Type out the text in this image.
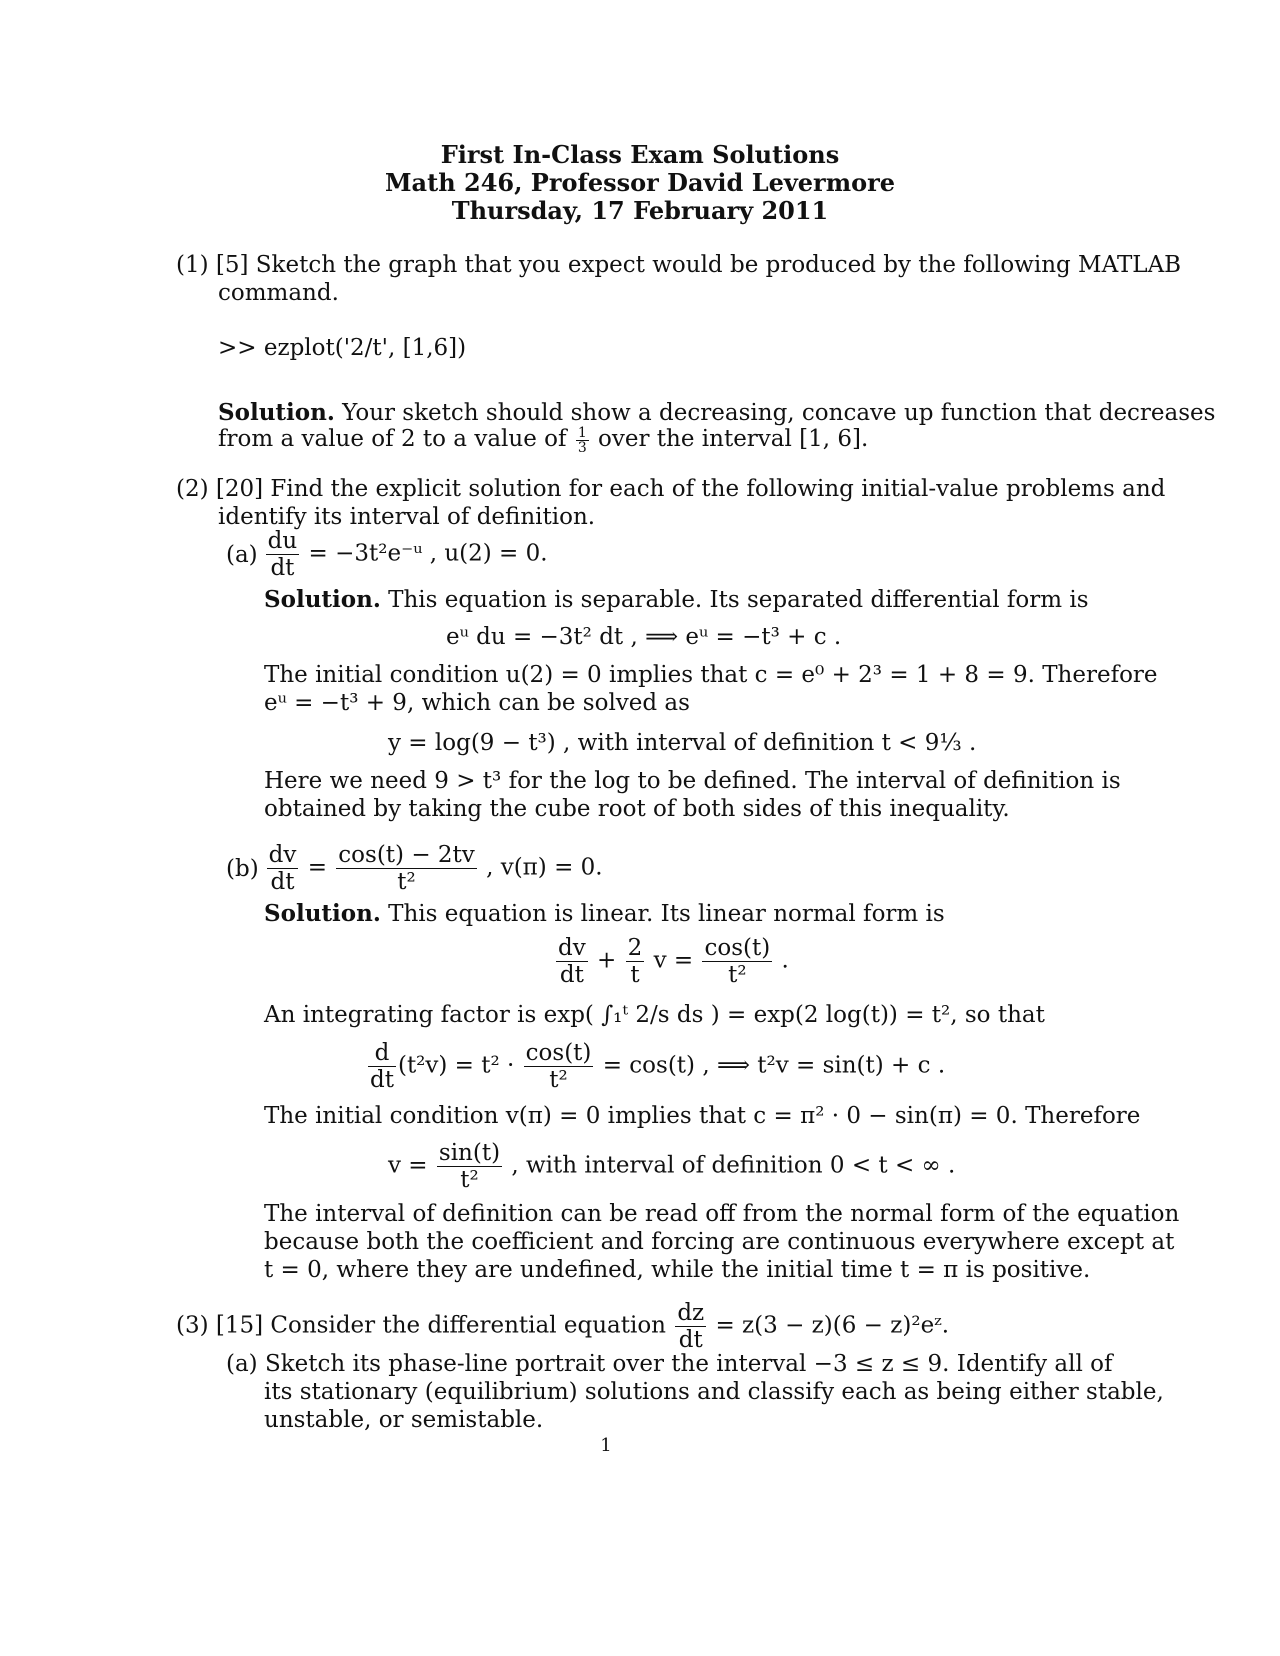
First In-Class Exam Solutions
Math 246, Professor David Levermore
Thursday, 17 February 2011
(1) [5] Sketch the graph that you expect would be produced by the following MATLAB
command.
>> ezplot('2/t', [1,6])
Solution. Your sketch should show a decreasing, concave up function that decreases
from a value of 2 to a value of $\frac{1}{3}$ over the interval [1, 6].
(2) [20] Find the explicit solution for each of the following initial-value problems and
identify its interval of definition.
$(a) \frac{du}{dt}$ = −3t²e⁻ᵘ , u(2) = 0.
Solution. This equation is separable. Its separated differential form is
eᵘ du = −3t² dt , ⟹ eᵘ = −t³ + c .
The initial condition u(2) = 0 implies that c = e⁰ + 2³ = 1 + 8 = 9. Therefore
eᵘ = −t³ + 9, which can be solved as
y = log(9 − t³) , with interval of definition t < 9⅓ .
Here we need 9 > t³ for the log to be defined. The interval of definition is
obtained by taking the cube root of both sides of this inequality.
$(b) \frac{dv}{dt} = \frac{\cos(t) - 2tv}{\text{t²}}$ , v(π) = 0.
Solution. This equation is linear. Its linear normal form is
$\frac{dv}{dt} + \frac{2}{t}$ $v = \frac{\cos(t)}{\text{t²}}$ .
An integrating factor is exp( ∫₁ᵗ 2/s ds ) = exp(2 log(t)) = t², so that
$\frac{d}{dt} (t^2v) = t^2 \cdot \frac{\cos(t)}{\text{t²}} = \cos(t)$ , ⟹ t²v = sin(t) + c .
The initial condition v(π) = 0 implies that c = π² · 0 − sin(π) = 0. Therefore
$v = \frac{\sin(t)}{\text{t²}}$ , with interval of definition 0 < t < ∞ .
The interval of definition can be read off from the normal form of the equation
because both the coefficient and forcing are continuous everywhere except at
t = 0, where they are undefined, while the initial time t = π is positive.
(3) [15] Consider the differential equation $\frac{dz}{dt} = z(3 - z)(6$ − z)²eᶻ.
(a) Sketch its phase-line portrait over the interval −3 ≤ z ≤ 9. Identify all of
its stationary (equilibrium) solutions and classify each as being either stable,
unstable, or semistable.
1
